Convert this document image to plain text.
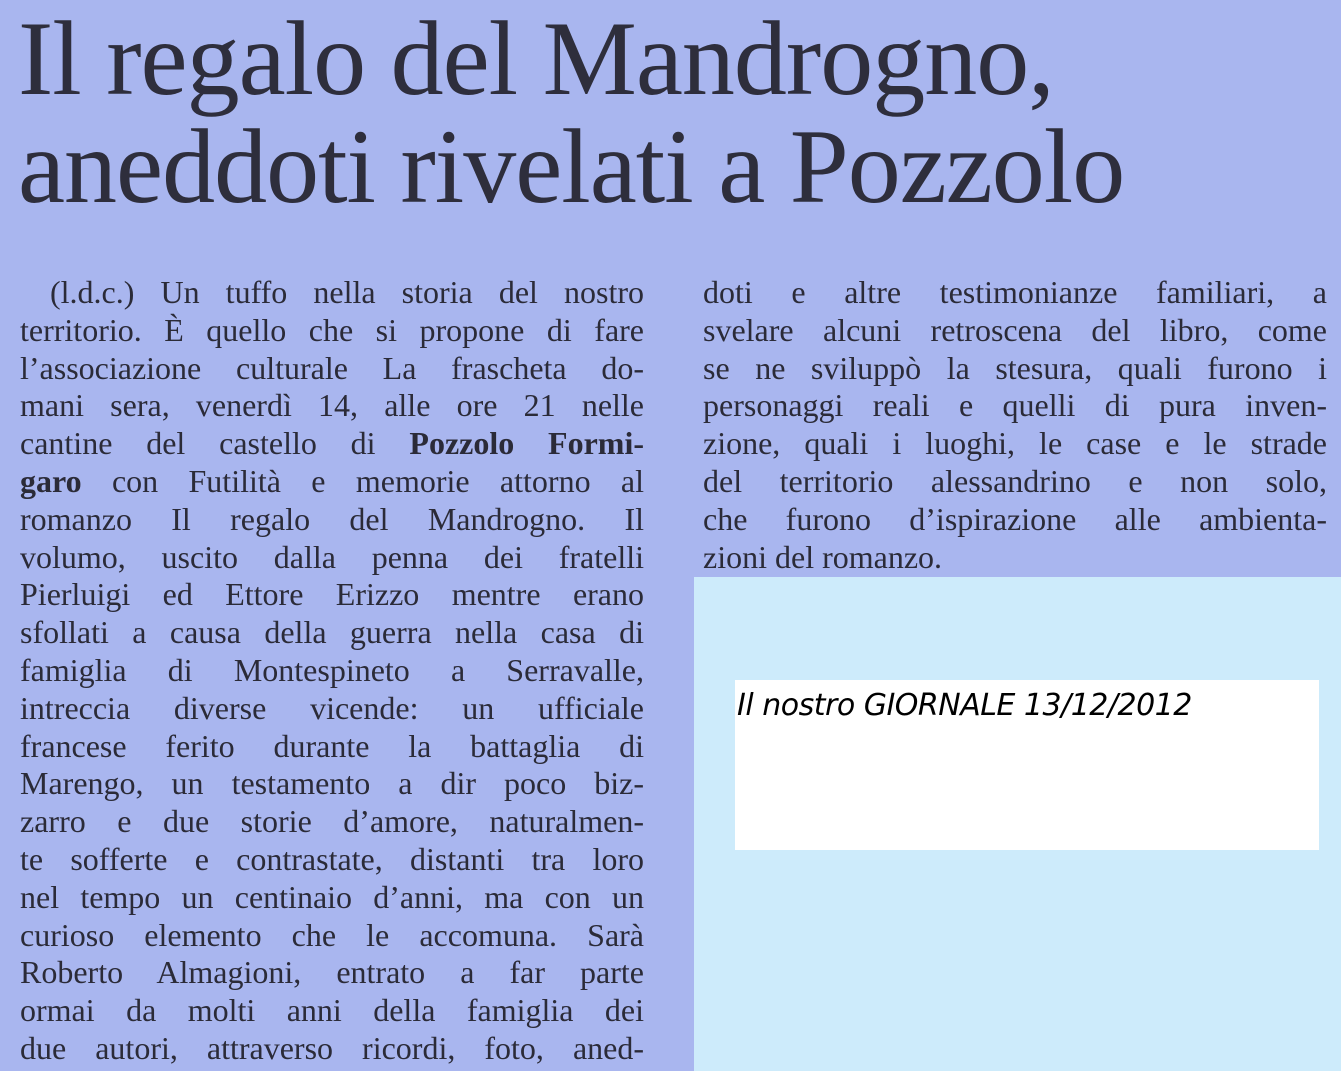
Il regalo del Mandrogno,
aneddoti rivelati a Pozzolo
(l.d.c.) Un tuffo nella storia del nostro
territorio. È quello che si propone di fare
l’associazione culturale La frascheta do-
mani sera, venerdì 14, alle ore 21 nelle
cantine del castello di Pozzolo Formi-
garo con Futilità e memorie attorno al
romanzo Il regalo del Mandrogno. Il
volumo, uscito dalla penna dei fratelli
Pierluigi ed Ettore Erizzo mentre erano
sfollati a causa della guerra nella casa di
famiglia di Montespineto a Serravalle,
intreccia diverse vicende: un ufficiale
francese ferito durante la battaglia di
Marengo, un testamento a dir poco biz-
zarro e due storie d’amore, naturalmen-
te sofferte e contrastate, distanti tra loro
nel tempo un centinaio d’anni, ma con un
curioso elemento che le accomuna. Sarà
Roberto Almagioni, entrato a far parte
ormai da molti anni della famiglia dei
due autori, attraverso ricordi, foto, aned-
doti e altre testimonianze familiari, a
svelare alcuni retroscena del libro, come
se ne sviluppò la stesura, quali furono i
personaggi reali e quelli di pura inven-
zione, quali i luoghi, le case e le strade
del territorio alessandrino e non solo,
che furono d’ispirazione alle ambienta-
zioni del romanzo.
Il nostro GIORNALE 13/12/2012
